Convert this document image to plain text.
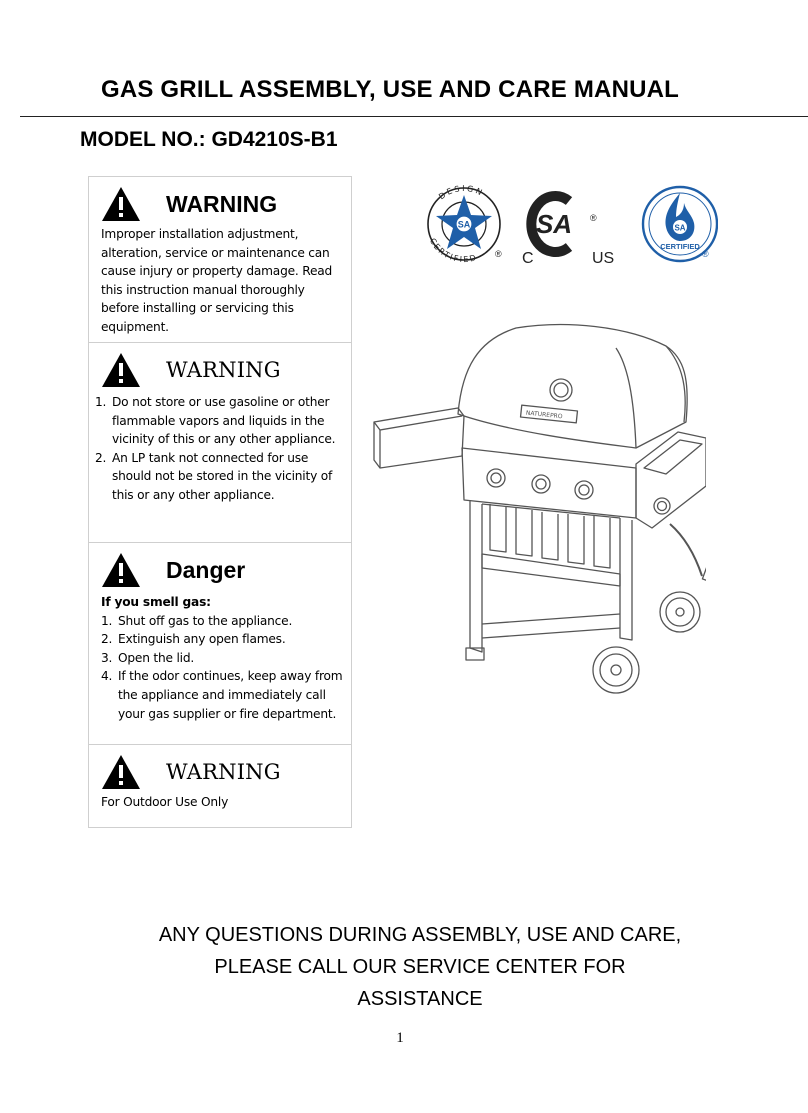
GAS GRILL ASSEMBLY, USE AND CARE MANUAL
MODEL NO.: GD4210S-B1
WARNING

Improper installation adjustment, alteration, service or maintenance can cause injury or property damage. Read this instruction manual thoroughly before installing or servicing this equipment.

WARNING
1. Do not store or use gasoline or other flammable vapors and liquids in the vicinity of this or any other appliance.
2. An LP tank not connected for use should not be stored in the vicinity of this or any other appliance.
Danger

If you smell gas:

1. Shut off gas to the appliance.
2. Extinguish any open flames.
3. Open the lid.
4. If the odor continues, keep away from the appliance and immediately call your gas supplier or fire department.
WARNING

For Outdoor Use Only

DESIGN
CERTIFIED
SA
®
SA
C	US
®
SA
CERTIFIED
®
NATUREPRO
ANY QUESTIONS DURING ASSEMBLY, USE AND CARE,
PLEASE CALL OUR SERVICE CENTER FOR
ASSISTANCE
1
